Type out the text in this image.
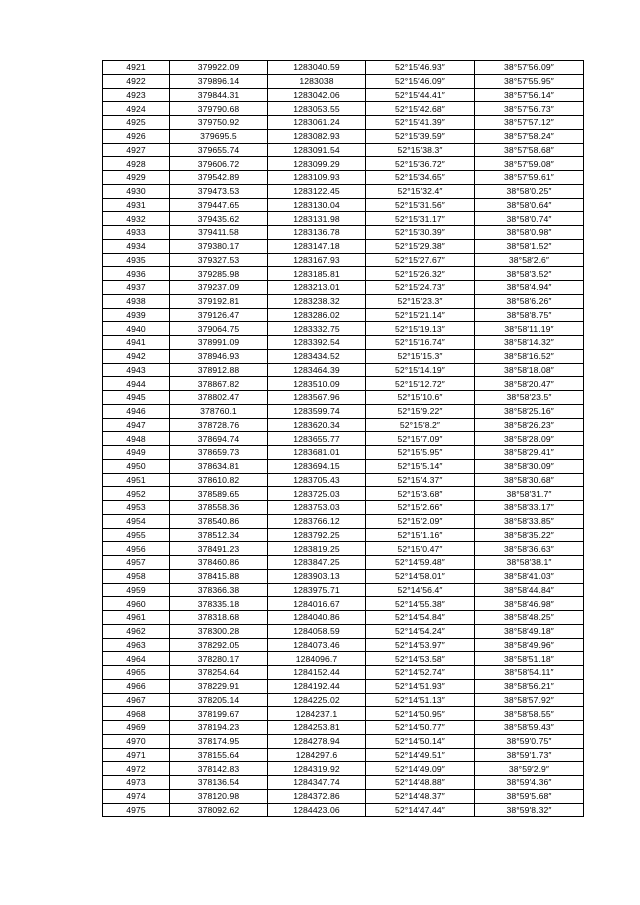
4921	379922.09	1283040.59	52°15′46.93″	38°57′56.09″
4922	379896.14	1283038	52°15′46.09″	38°57′55.95″
4923	379844.31	1283042.06	52°15′44.41″	38°57′56.14″
4924	379790.68	1283053.55	52°15′42.68″	38°57′56.73″
4925	379750.92	1283061.24	52°15′41.39″	38°57′57.12″
4926	379695.5	1283082.93	52°15′39.59″	38°57′58.24″
4927	379655.74	1283091.54	52°15′38.3″	38°57′58.68″
4928	379606.72	1283099.29	52°15′36.72″	38°57′59.08″
4929	379542.89	1283109.93	52°15′34.65″	38°57′59.61″
4930	379473.53	1283122.45	52°15′32.4″	38°58′0.25″
4931	379447.65	1283130.04	52°15′31.56″	38°58′0.64″
4932	379435.62	1283131.98	52°15′31.17″	38°58′0.74″
4933	379411.58	1283136.78	52°15′30.39″	38°58′0.98″
4934	379380.17	1283147.18	52°15′29.38″	38°58′1.52″
4935	379327.53	1283167.93	52°15′27.67″	38°58′2.6″
4936	379285.98	1283185.81	52°15′26.32″	38°58′3.52″
4937	379237.09	1283213.01	52°15′24.73″	38°58′4.94″
4938	379192.81	1283238.32	52°15′23.3″	38°58′6.26″
4939	379126.47	1283286.02	52°15′21.14″	38°58′8.75″
4940	379064.75	1283332.75	52°15′19.13″	38°58′11.19″
4941	378991.09	1283392.54	52°15′16.74″	38°58′14.32″
4942	378946.93	1283434.52	52°15′15.3″	38°58′16.52″
4943	378912.88	1283464.39	52°15′14.19″	38°58′18.08″
4944	378867.82	1283510.09	52°15′12.72″	38°58′20.47″
4945	378802.47	1283567.96	52°15′10.6″	38°58′23.5″
4946	378760.1	1283599.74	52°15′9.22″	38°58′25.16″
4947	378728.76	1283620.34	52°15′8.2″	38°58′26.23″
4948	378694.74	1283655.77	52°15′7.09″	38°58′28.09″
4949	378659.73	1283681.01	52°15′5.95″	38°58′29.41″
4950	378634.81	1283694.15	52°15′5.14″	38°58′30.09″
4951	378610.82	1283705.43	52°15′4.37″	38°58′30.68″
4952	378589.65	1283725.03	52°15′3.68″	38°58′31.7″
4953	378558.36	1283753.03	52°15′2.66″	38°58′33.17″
4954	378540.86	1283766.12	52°15′2.09″	38°58′33.85″
4955	378512.34	1283792.25	52°15′1.16″	38°58′35.22″
4956	378491.23	1283819.25	52°15′0.47″	38°58′36.63″
4957	378460.86	1283847.25	52°14′59.48″	38°58′38.1″
4958	378415.88	1283903.13	52°14′58.01″	38°58′41.03″
4959	378366.38	1283975.71	52°14′56.4″	38°58′44.84″
4960	378335.18	1284016.67	52°14′55.38″	38°58′46.98″
4961	378318.68	1284040.86	52°14′54.84″	38°58′48.25″
4962	378300.28	1284058.59	52°14′54.24″	38°58′49.18″
4963	378292.05	1284073.46	52°14′53.97″	38°58′49.96″
4964	378280.17	1284096.7	52°14′53.58″	38°58′51.18″
4965	378254.64	1284152.44	52°14′52.74″	38°58′54.11″
4966	378229.91	1284192.44	52°14′51.93″	38°58′56.21″
4967	378205.14	1284225.02	52°14′51.13″	38°58′57.92″
4968	378199.67	1284237.1	52°14′50.95″	38°58′58.55″
4969	378194.23	1284253.81	52°14′50.77″	38°58′59.43″
4970	378174.95	1284278.94	52°14′50.14″	38°59′0.75″
4971	378155.64	1284297.6	52°14′49.51″	38°59′1.73″
4972	378142.83	1284319.92	52°14′49.09″	38°59′2.9″
4973	378136.54	1284347.74	52°14′48.88″	38°59′4.36″
4974	378120.98	1284372.86	52°14′48.37″	38°59′5.68″
4975	378092.62	1284423.06	52°14′47.44″	38°59′8.32″
